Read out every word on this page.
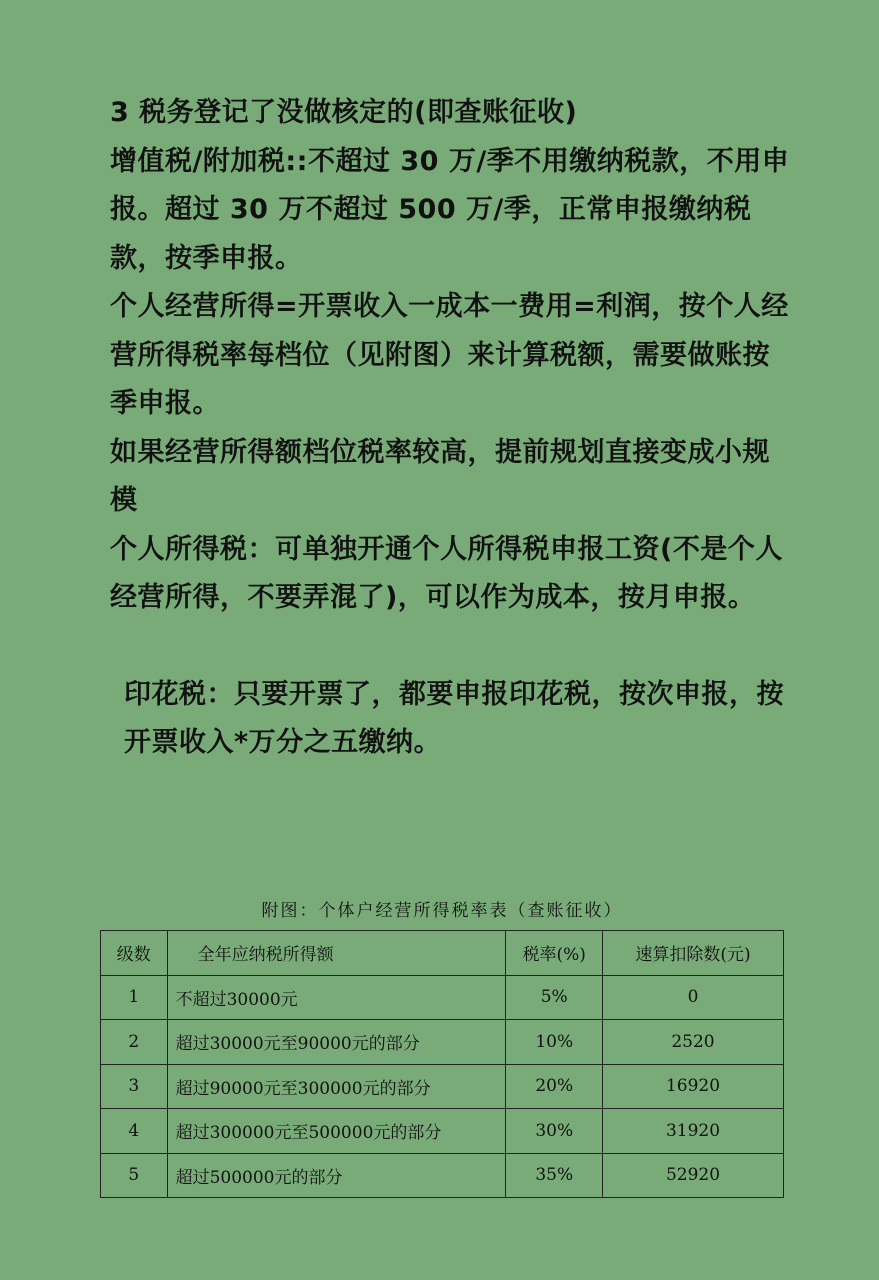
3 税务登记了没做核定的(即查账征收)

增值税/附加税::不超过 30 万/季不用缴纳税款，不用申报。超过 30 万不超过 500 万/季，正常申报缴纳税款，按季申报。

个人经营所得=开票收入一成本一费用=利润，按个人经营所得税率每档位（见附图）来计算税额，需要做账按季申报。

如果经营所得额档位税率较高，提前规划直接变成小规模

个人所得税：可单独开通个人所得税申报工资(不是个人经营所得，不要弄混了)，可以作为成本，按月申报。

印花税：只要开票了，都要申报印花税，按次申报，按开票收入*万分之五缴纳。

附图：个体户经营所得税率表（查账征收）
级数	全年应纳税所得额	税率(%)	速算扣除数(元)
1	不超过30000元	5%	0
2	超过30000元至90000元的部分	10%	2520
3	超过90000元至300000元的部分	20%	16920
4	超过300000元至500000元的部分	30%	31920
5	超过500000元的部分	35%	52920
